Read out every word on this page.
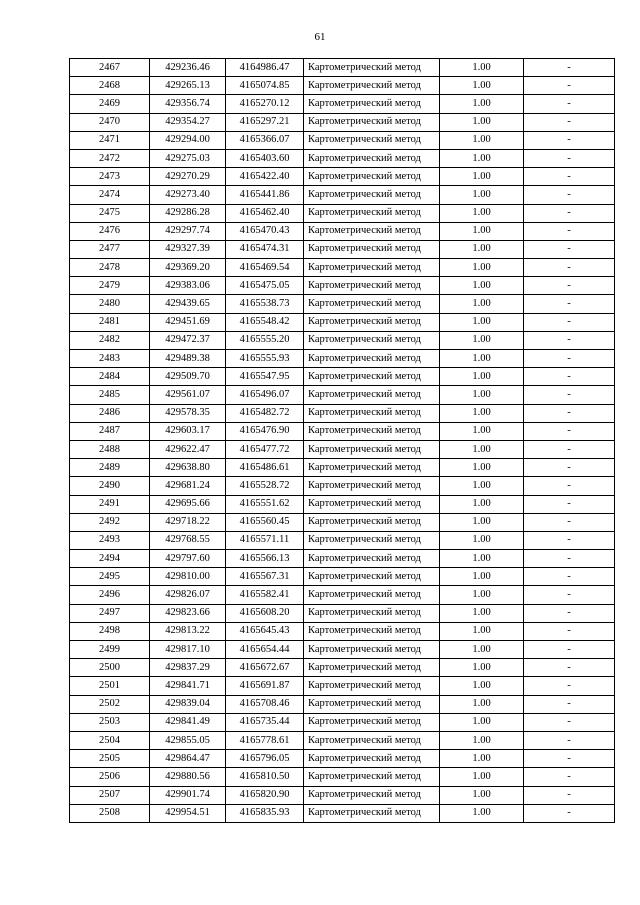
61
2467	429236.46	4164986.47	Картометрический метод	1.00	-
2468	429265.13	4165074.85	Картометрический метод	1.00	-
2469	429356.74	4165270.12	Картометрический метод	1.00	-
2470	429354.27	4165297.21	Картометрический метод	1.00	-
2471	429294.00	4165366.07	Картометрический метод	1.00	-
2472	429275.03	4165403.60	Картометрический метод	1.00	-
2473	429270.29	4165422.40	Картометрический метод	1.00	-
2474	429273.40	4165441.86	Картометрический метод	1.00	-
2475	429286.28	4165462.40	Картометрический метод	1.00	-
2476	429297.74	4165470.43	Картометрический метод	1.00	-
2477	429327.39	4165474.31	Картометрический метод	1.00	-
2478	429369.20	4165469.54	Картометрический метод	1.00	-
2479	429383.06	4165475.05	Картометрический метод	1.00	-
2480	429439.65	4165538.73	Картометрический метод	1.00	-
2481	429451.69	4165548.42	Картометрический метод	1.00	-
2482	429472.37	4165555.20	Картометрический метод	1.00	-
2483	429489.38	4165555.93	Картометрический метод	1.00	-
2484	429509.70	4165547.95	Картометрический метод	1.00	-
2485	429561.07	4165496.07	Картометрический метод	1.00	-
2486	429578.35	4165482.72	Картометрический метод	1.00	-
2487	429603.17	4165476.90	Картометрический метод	1.00	-
2488	429622.47	4165477.72	Картометрический метод	1.00	-
2489	429638.80	4165486.61	Картометрический метод	1.00	-
2490	429681.24	4165528.72	Картометрический метод	1.00	-
2491	429695.66	4165551.62	Картометрический метод	1.00	-
2492	429718.22	4165560.45	Картометрический метод	1.00	-
2493	429768.55	4165571.11	Картометрический метод	1.00	-
2494	429797.60	4165566.13	Картометрический метод	1.00	-
2495	429810.00	4165567.31	Картометрический метод	1.00	-
2496	429826.07	4165582.41	Картометрический метод	1.00	-
2497	429823.66	4165608.20	Картометрический метод	1.00	-
2498	429813.22	4165645.43	Картометрический метод	1.00	-
2499	429817.10	4165654.44	Картометрический метод	1.00	-
2500	429837.29	4165672.67	Картометрический метод	1.00	-
2501	429841.71	4165691.87	Картометрический метод	1.00	-
2502	429839.04	4165708.46	Картометрический метод	1.00	-
2503	429841.49	4165735.44	Картометрический метод	1.00	-
2504	429855.05	4165778.61	Картометрический метод	1.00	-
2505	429864.47	4165796.05	Картометрический метод	1.00	-
2506	429880.56	4165810.50	Картометрический метод	1.00	-
2507	429901.74	4165820.90	Картометрический метод	1.00	-
2508	429954.51	4165835.93	Картометрический метод	1.00	-
